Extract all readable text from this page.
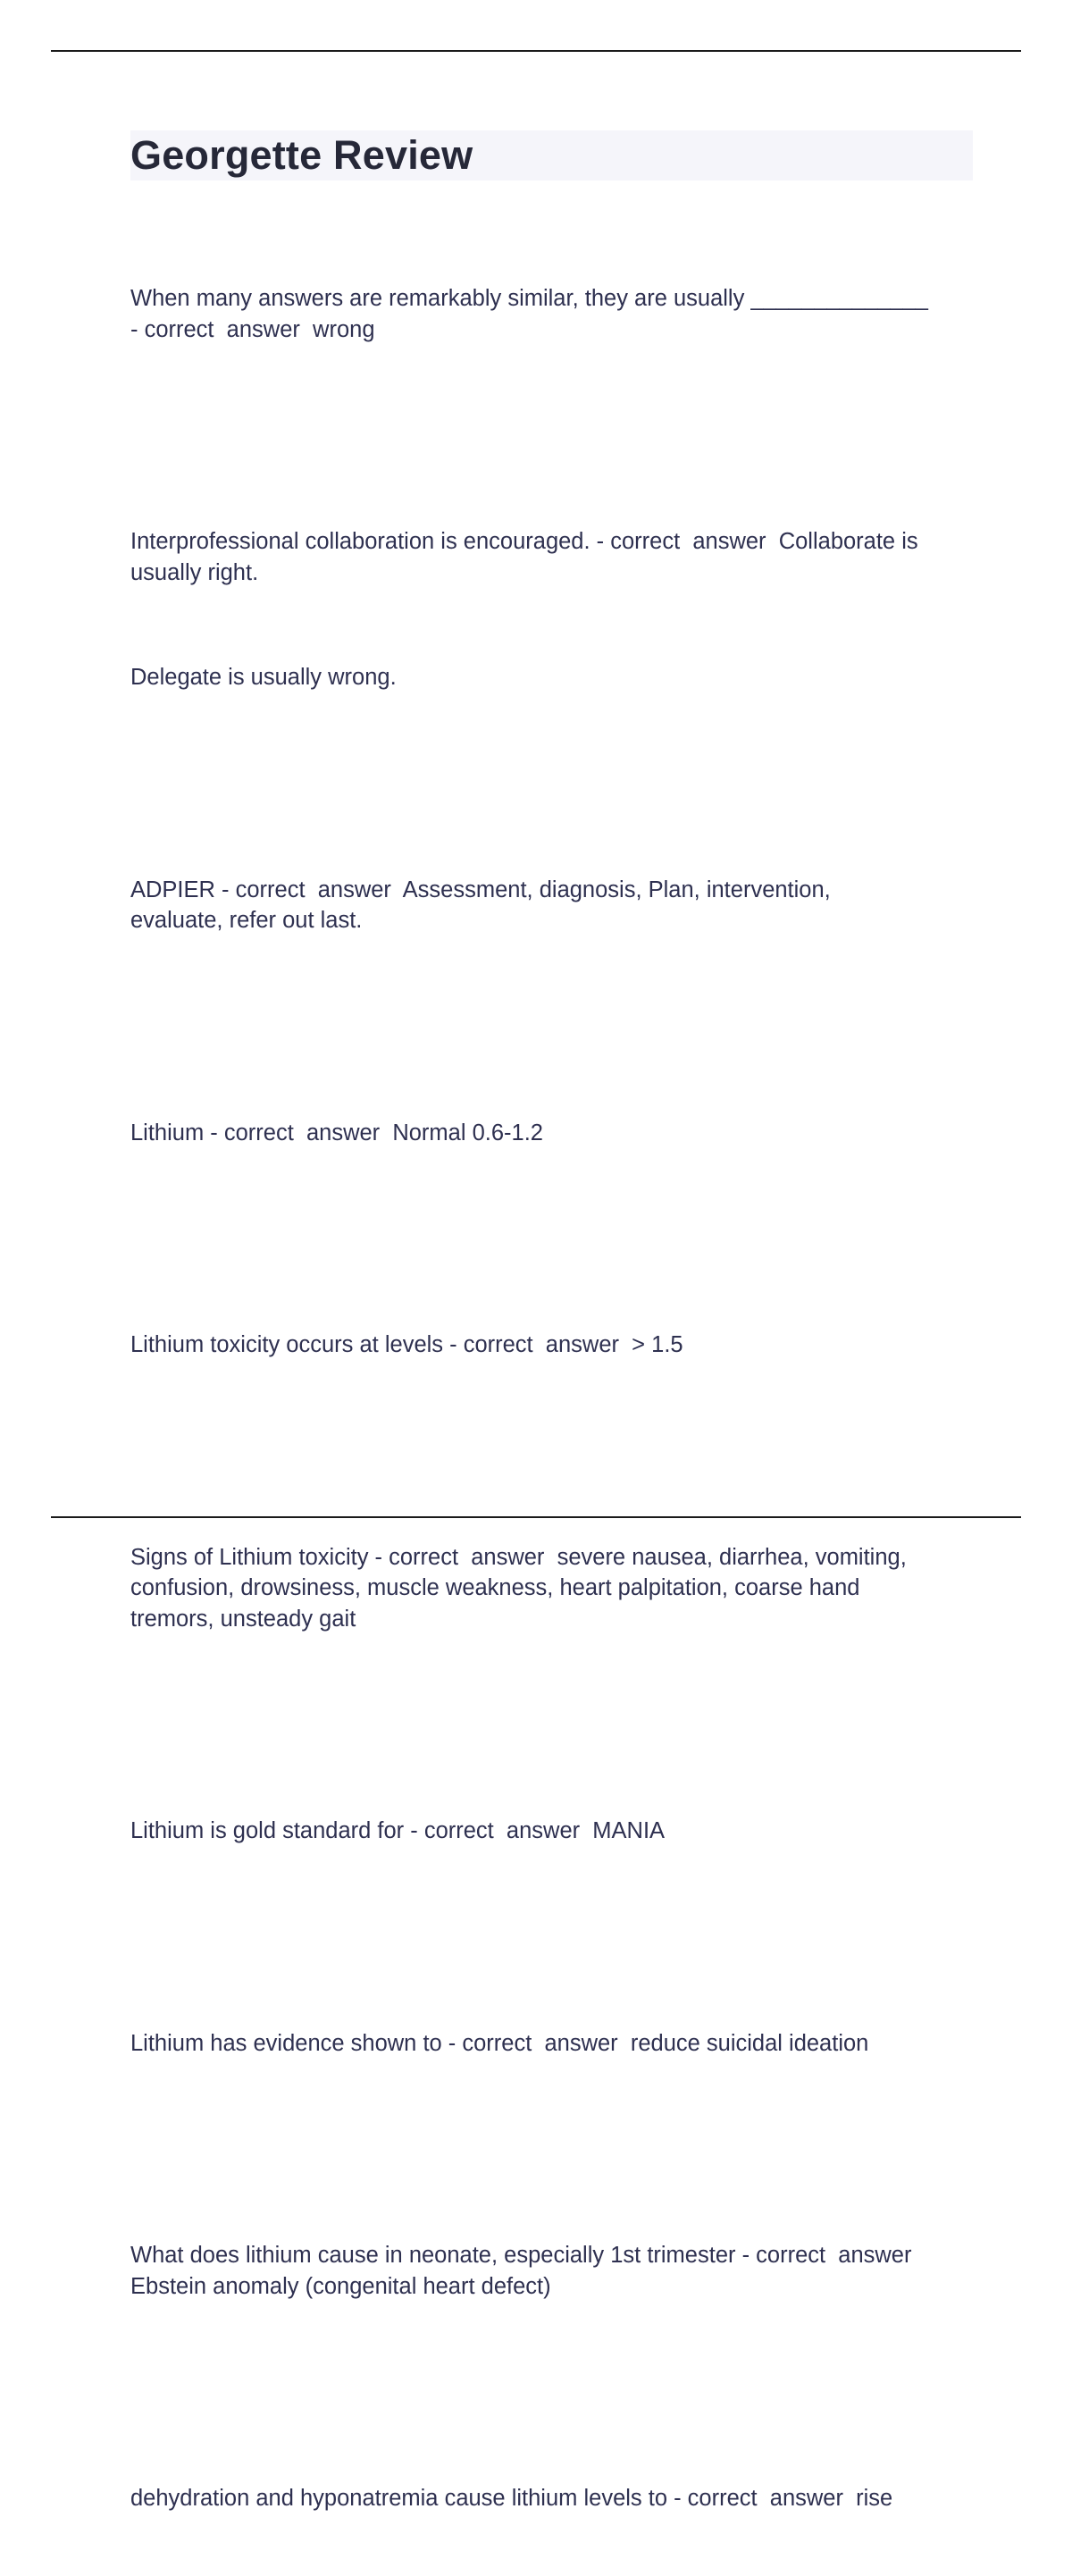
Georgette Review

When many answers are remarkably similar, they are usually ______________
- correct  answer  wrong

Interprofessional collaboration is encouraged. - correct  answer  Collaborate is usually right.

Delegate is usually wrong.

ADPIER - correct  answer  Assessment, diagnosis, Plan, intervention,
evaluate, refer out last.

Lithium - correct  answer  Normal 0.6-1.2

Lithium toxicity occurs at levels - correct  answer  > 1.5

Signs of Lithium toxicity - correct  answer  severe nausea, diarrhea, vomiting,
confusion, drowsiness, muscle weakness, heart palpitation, coarse hand
tremors, unsteady gait

Lithium is gold standard for - correct  answer  MANIA

Lithium has evidence shown to - correct  answer  reduce suicidal ideation

What does lithium cause in neonate, especially 1st trimester - correct  answer
Ebstein anomaly (congenital heart defect)

dehydration and hyponatremia cause lithium levels to - correct  answer  rise
